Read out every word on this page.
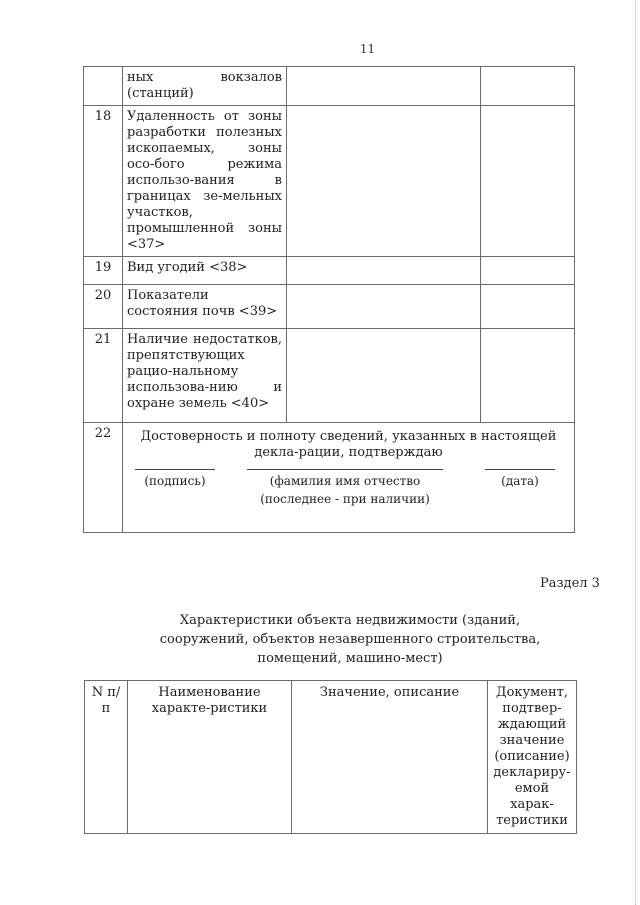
11
	ных вокзалов (станций)		
18	Удаленность от зоны разработки полезных ископаемых, зоны осо-бого режима использо-вания в границах зе-мельных участков, промышленной зоны <37>		
19	Вид угодий <38>		
20	Показатели состояния почв <39>		
21	Наличие недостатков, препятствующих рацио-нальному использова-нию и охране земель <40>		
22	Достоверность и полноту сведений, указанных в настоящей декла-рации, подтверждаю
(подпись) (фамилия имя отчество
(последнее - при наличии)
(дата)		
Раздел 3
Характеристики объекта недвижимости (зданий,
сооружений, объектов незавершенного строительства,
помещений, машино-мест)
N п/п	Наименование характе-ристики	Значение, описание	Документ, подтвер-ждающий значение (описание) деклариру-емой харак-теристики
